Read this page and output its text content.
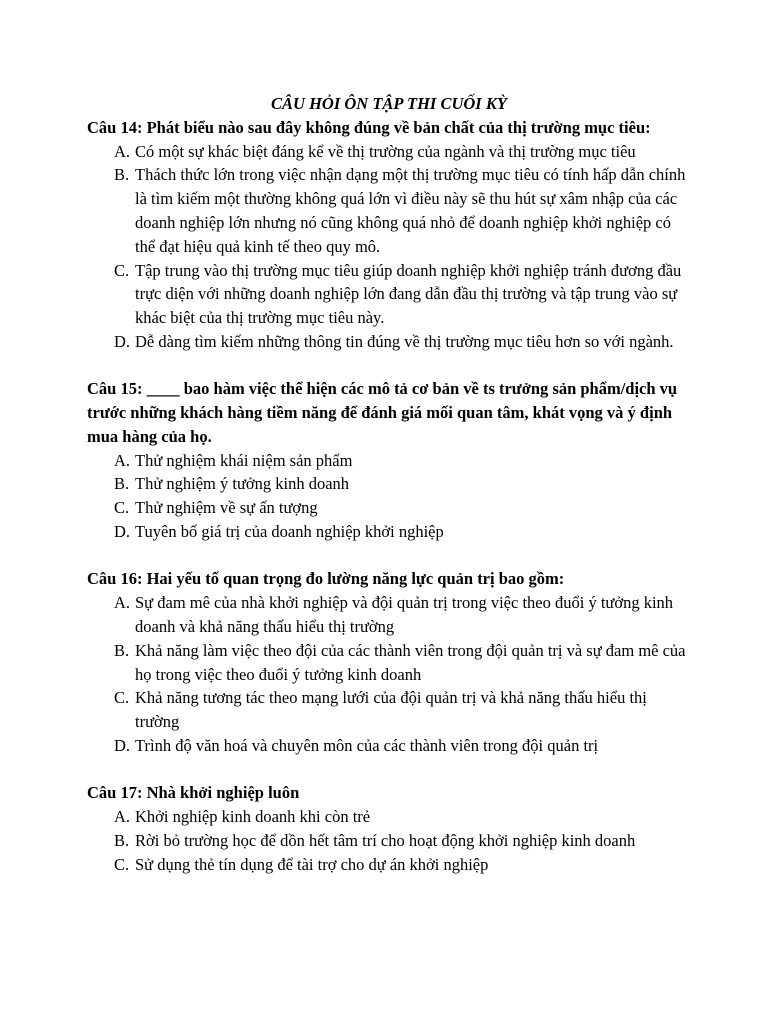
CÂU HỎI ÔN TẬP THI CUỐI KỲ

Câu 14: Phát biểu nào sau đây không đúng về bản chất của thị trường mục tiêu:

A. Có một sự khác biệt đáng kể về thị trường của ngành và thị trường mục tiêu
B. Thách thức lớn trong việc nhận dạng một thị trường mục tiêu có tính hấp dẫn chính là tìm kiếm một thường không quá lớn vì điều này sẽ thu hút sự xâm nhập của các doanh nghiệp lớn nhưng nó cũng không quá nhỏ để doanh nghiệp khởi nghiệp có thể đạt hiệu quả kinh tế theo quy mô.
C. Tập trung vào thị trường mục tiêu giúp doanh nghiệp khởi nghiệp tránh đương đầu trực diện với những doanh nghiệp lớn đang dẫn đầu thị trường và tập trung vào sự khác biệt của thị trường mục tiêu này.
D. Dễ dàng tìm kiếm những thông tin đúng về thị trường mục tiêu hơn so với ngành.

Câu 15: ____ bao hàm việc thể hiện các mô tả cơ bản về ts trưởng sản phẩm/dịch vụ trước những khách hàng tiềm năng để đánh giá mối quan tâm, khát vọng và ý định mua hàng của họ.

A. Thử nghiệm khái niệm sản phẩm
B. Thử nghiệm ý tưởng kinh doanh
C. Thử nghiệm về sự ấn tượng
D. Tuyên bố giá trị của doanh nghiệp khởi nghiệp

Câu 16: Hai yếu tố quan trọng đo lường năng lực quản trị bao gồm:

A. Sự đam mê của nhà khởi nghiệp và đội quản trị trong việc theo đuổi ý tưởng kinh doanh và khả năng thấu hiểu thị trường
B. Khả năng làm việc theo đội của các thành viên trong đội quản trị và sự đam mê của họ trong việc theo đuổi ý tưởng kinh doanh
C. Khả năng tương tác theo mạng lưới của đội quản trị và khả năng thấu hiểu thị trường
D. Trình độ văn hoá và chuyên môn của các thành viên trong đội quản trị

Câu 17: Nhà khởi nghiệp luôn

A. Khởi nghiệp kinh doanh khi còn trẻ
B. Rời bỏ trường học để dồn hết tâm trí cho hoạt động khởi nghiệp kinh doanh
C. Sử dụng thẻ tín dụng để tài trợ cho dự án khởi nghiệp
